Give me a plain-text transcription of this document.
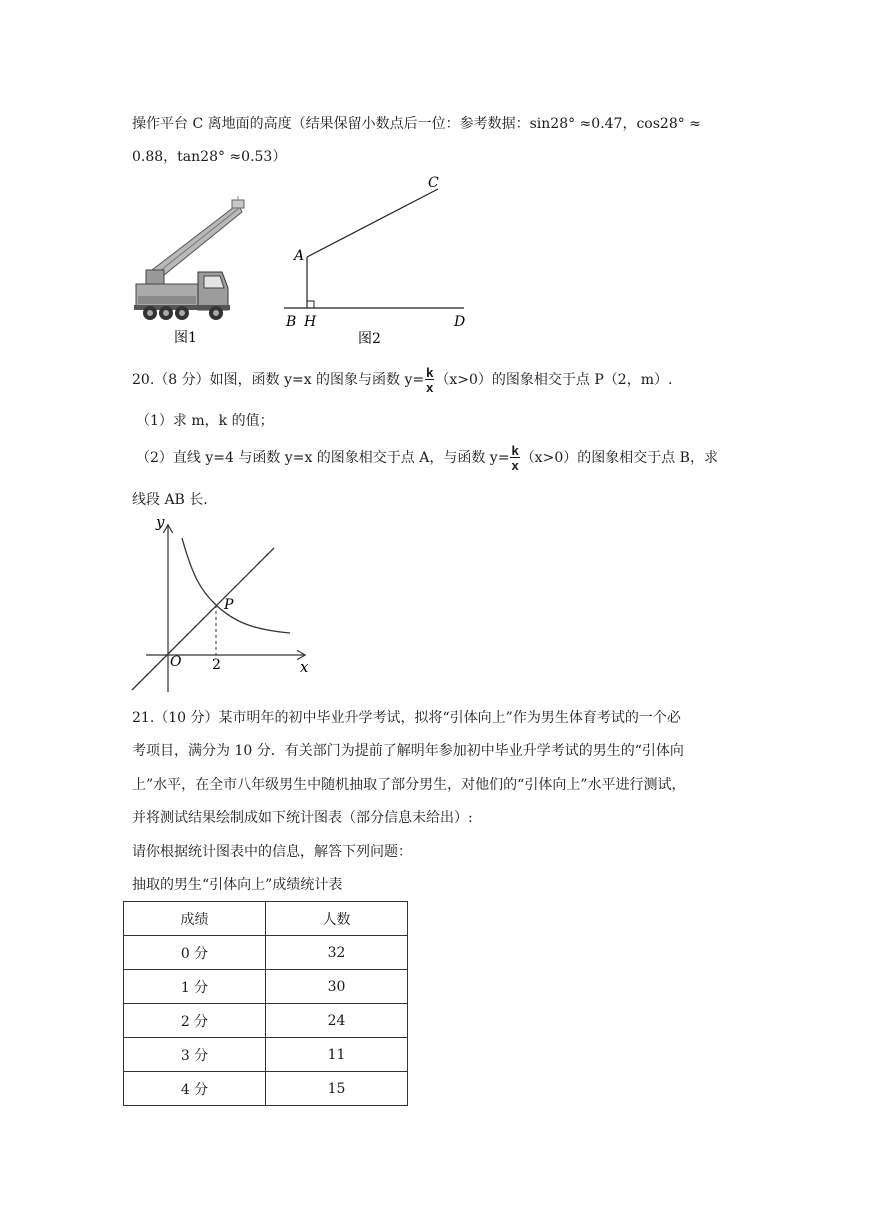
操作平台 C 离地面的高度（结果保留小数点后一位：参考数据：sin28° ≈0.47，cos28° ≈
0.88，tan28° ≈0.53）
图1
C
A
B H	D
图2
20.（8 分）如图，函数 y=x 的图象与函数 $y= \frac{k}{x} (x>0)$的图象相交于点 P（2，m）.
（1）求 m，k 的值；
（2）直线 y=4 与函数 y=x 的图象相交于点 A，与函数 $y= \frac{k}{x} (x>0)$的图象相交于点 B，求
线段 AB 长.
y
x
O
P
2
21.（10 分）某市明年的初中毕业升学考试，拟将“引体向上”作为男生体育考试的一个必
考项目，满分为 10 分．有关部门为提前了解明年参加初中毕业升学考试的男生的“引体向
上”水平，在全市八年级男生中随机抽取了部分男生，对他们的“引体向上”水平进行测试，
并将测试结果绘制成如下统计图表（部分信息未给出）:
请你根据统计图表中的信息，解答下列问题：
抽取的男生“引体向上”成绩统计表
成绩	人数
0 分	32
1 分	30
2 分	24
3 分	11
4 分	15
